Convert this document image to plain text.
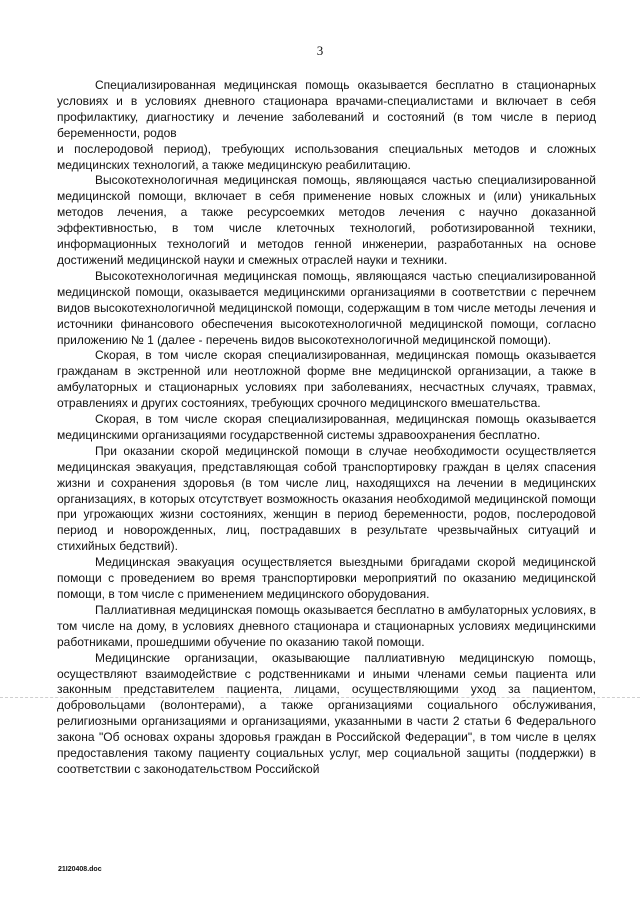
3

Специализированная медицинская помощь оказывается бесплатно в стационарных условиях и в условиях дневного стационара врачами-специалистами и включает в себя профилактику, диагностику и лечение заболеваний и состояний (в том числе в период беременности, родов

и послеродовой период), требующих использования специальных методов и сложных медицинских технологий, а также медицинскую реабилитацию.

Высокотехнологичная медицинская помощь, являющаяся частью специализированной медицинской помощи, включает в себя применение новых сложных и (или) уникальных методов лечения, а также ресурсоемких методов лечения с научно доказанной эффективностью, в том числе клеточных технологий, роботизированной техники, информационных технологий и методов генной инженерии, разработанных на основе достижений медицинской науки и смежных отраслей науки и техники.

Высокотехнологичная медицинская помощь, являющаяся частью специализированной медицинской помощи, оказывается медицинскими организациями в соответствии с перечнем видов высокотехнологичной медицинской помощи, содержащим в том числе методы лечения и источники финансового обеспечения высокотехнологичной медицинской помощи, согласно приложению № 1 (далее - перечень видов высокотехнологичной медицинской помощи).

Скорая, в том числе скорая специализированная, медицинская помощь оказывается гражданам в экстренной или неотложной форме вне медицинской организации, а также в амбулаторных и стационарных условиях при заболеваниях, несчастных случаях, травмах, отравлениях и других состояниях, требующих срочного медицинского вмешательства.

Скорая, в том числе скорая специализированная, медицинская помощь оказывается медицинскими организациями государственной системы здравоохранения бесплатно.

При оказании скорой медицинской помощи в случае необходимости осуществляется медицинская эвакуация, представляющая собой транспортировку граждан в целях спасения жизни и сохранения здоровья (в том числе лиц, находящихся на лечении в медицинских организациях, в которых отсутствует возможность оказания необходимой медицинской помощи при угрожающих жизни состояниях, женщин в период беременности, родов, послеродовой период и новорожденных, лиц, пострадавших в результате чрезвычайных ситуаций и стихийных бедствий).

Медицинская эвакуация осуществляется выездными бригадами скорой медицинской помощи с проведением во время транспортировки мероприятий по оказанию медицинской помощи, в том числе с применением медицинского оборудования.

Паллиативная медицинская помощь оказывается бесплатно в амбулаторных условиях, в том числе на дому, в условиях дневного стационара и стационарных условиях медицинскими работниками, прошедшими обучение по оказанию такой помощи.

Медицинские организации, оказывающие паллиативную медицинскую помощь, осуществляют взаимодействие с родственниками и иными членами семьи пациента или законным представителем пациента, лицами, осуществляющими уход за пациентом, добровольцами (волонтерами), а также организациями социального обслуживания, религиозными организациями и организациями, указанными в части 2 статьи 6 Федерального закона "Об основах охраны здоровья граждан в Российской Федерации", в том числе в целях предоставления такому пациенту социальных услуг, мер социальной защиты (поддержки) в соответствии с законодательством Российской

21I20408.doc
